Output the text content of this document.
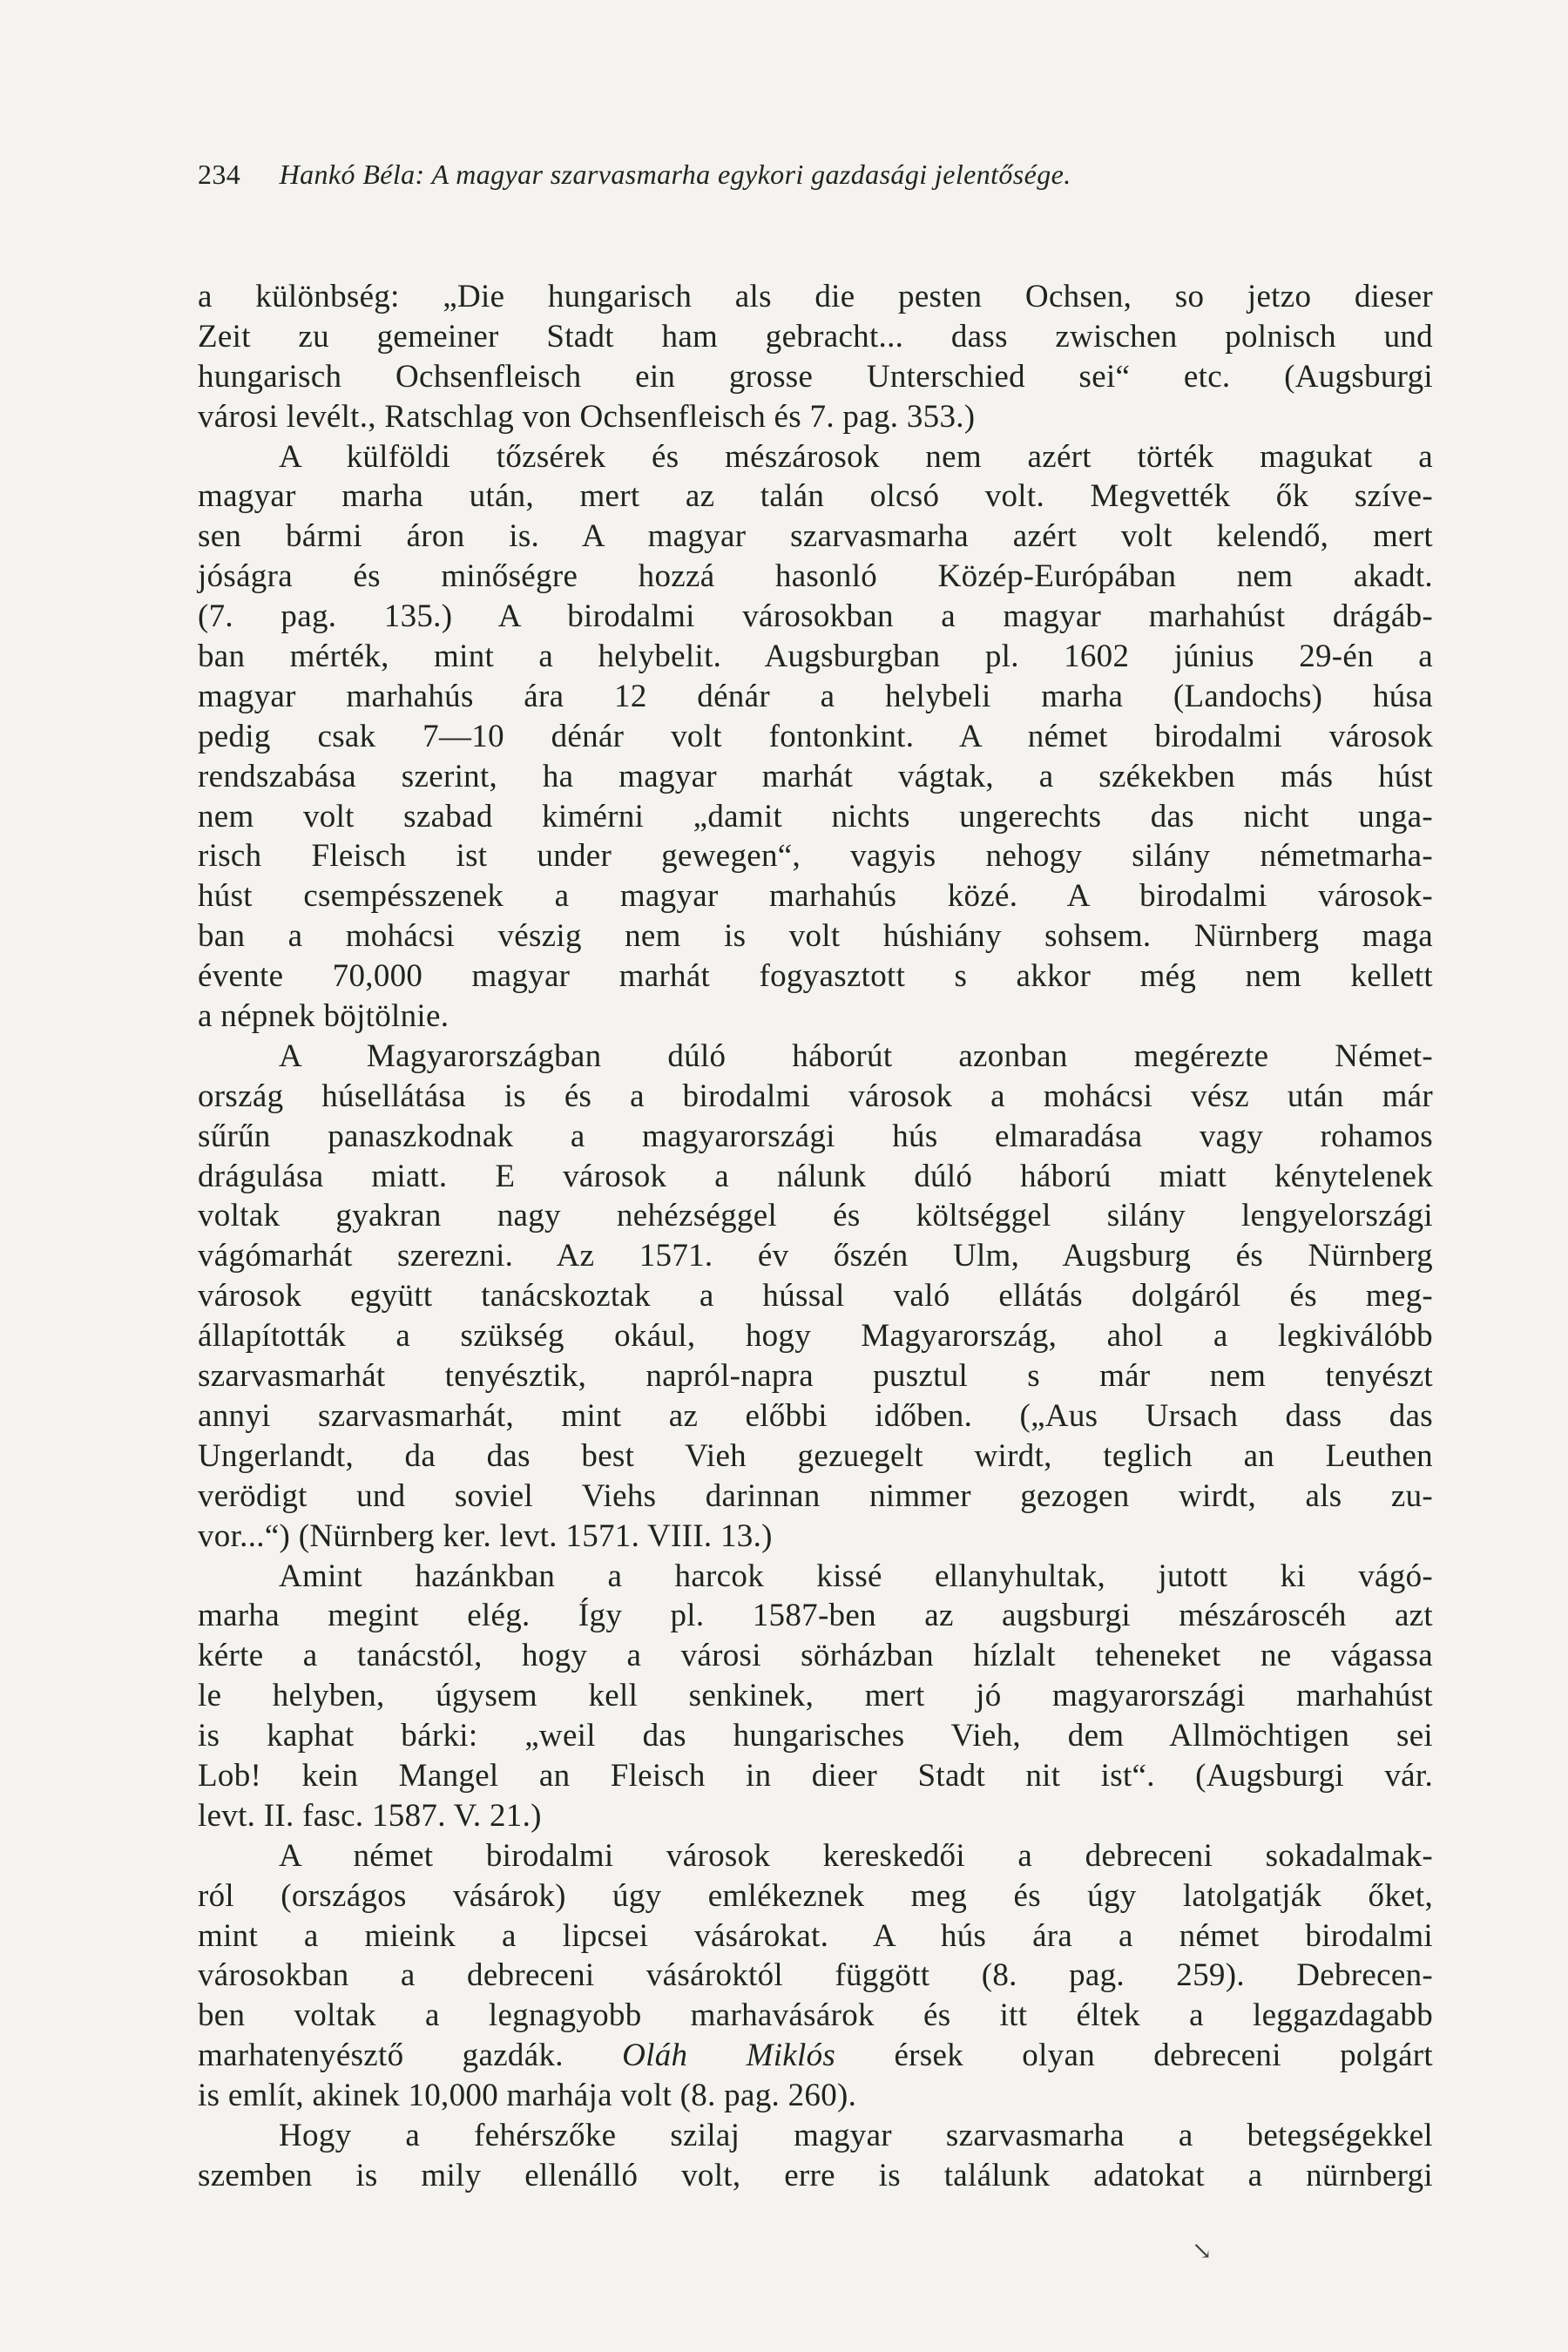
234 Hankó Béla: A magyar szarvasmarha egykori gazdasági jelentősége.
a különbség: „Die hungarisch als die pesten Ochsen, so jetzo dieser
Zeit zu gemeiner Stadt ham gebracht... dass zwischen polnisch und
hungarisch Ochsenfleisch ein grosse Unterschied sei“ etc. (Augsburgi
városi levélt., Ratschlag von Ochsenfleisch és 7. pag. 353.)
A külföldi tőzsérek és mészárosok nem azért törték magukat a
magyar marha után, mert az talán olcsó volt. Megvették ők szíve-
sen bármi áron is. A magyar szarvasmarha azért volt kelendő, mert
jóságra és minőségre hozzá hasonló Közép-Európában nem akadt.
(7. pag. 135.) A birodalmi városokban a magyar marhahúst drágáb-
ban mérték, mint a helybelit. Augsburgban pl. 1602 június 29-én a
magyar marhahús ára 12 dénár a helybeli marha (Landochs) húsa
pedig csak 7—10 dénár volt fontonkint. A német birodalmi városok
rendszabása szerint, ha magyar marhát vágtak, a székekben más húst
nem volt szabad kimérni „damit nichts ungerechts das nicht unga-
risch Fleisch ist under gewegen“, vagyis nehogy silány németmarha-
húst csempésszenek a magyar marhahús közé. A birodalmi városok-
ban a mohácsi vészig nem is volt húshiány sohsem. Nürnberg maga
évente 70,000 magyar marhát fogyasztott s akkor még nem kellett
a népnek böjtölnie.
A Magyarországban dúló háborút azonban megérezte Német-
ország húsellátása is és a birodalmi városok a mohácsi vész után már
sűrűn panaszkodnak a magyarországi hús elmaradása vagy rohamos
drágulása miatt. E városok a nálunk dúló háború miatt kénytelenek
voltak gyakran nagy nehézséggel és költséggel silány lengyelországi
vágómarhát szerezni. Az 1571. év őszén Ulm, Augsburg és Nürnberg
városok együtt tanácskoztak a hússal való ellátás dolgáról és meg-
állapították a szükség okául, hogy Magyarország, ahol a legkiválóbb
szarvasmarhát tenyésztik, napról-napra pusztul s már nem tenyészt
annyi szarvasmarhát, mint az előbbi időben. („Aus Ursach dass das
Ungerlandt, da das best Vieh gezuegelt wirdt, teglich an Leuthen
verödigt und soviel Viehs darinnan nimmer gezogen wirdt, als zu-
vor...“) (Nürnberg ker. levt. 1571. VIII. 13.)
Amint hazánkban a harcok kissé ellanyhultak, jutott ki vágó-
marha megint elég. Így pl. 1587-ben az augsburgi mészároscéh azt
kérte a tanácstól, hogy a városi sörházban hízlalt teheneket ne vágassa
le helyben, úgysem kell senkinek, mert jó magyarországi marhahúst
is kaphat bárki: „weil das hungarisches Vieh, dem Allmöchtigen sei
Lob! kein Mangel an Fleisch in dieer Stadt nit ist“. (Augsburgi vár.
levt. II. fasc. 1587. V. 21.)
A német birodalmi városok kereskedői a debreceni sokadalmak-
ról (országos vásárok) úgy emlékeznek meg és úgy latolgatják őket,
mint a mieink a lipcsei vásárokat. A hús ára a német birodalmi
városokban a debreceni vásároktól függött (8. pag. 259). Debrecen-
ben voltak a legnagyobb marhavásárok és itt éltek a leggazdagabb
marhatenyésztő gazdák. Oláh Miklós érsek olyan debreceni polgárt
is említ, akinek 10,000 marhája volt (8. pag. 260).
Hogy a fehérszőke szilaj magyar szarvasmarha a betegségekkel
szemben is mily ellenálló volt, erre is találunk adatokat a nürnbergi
↘
